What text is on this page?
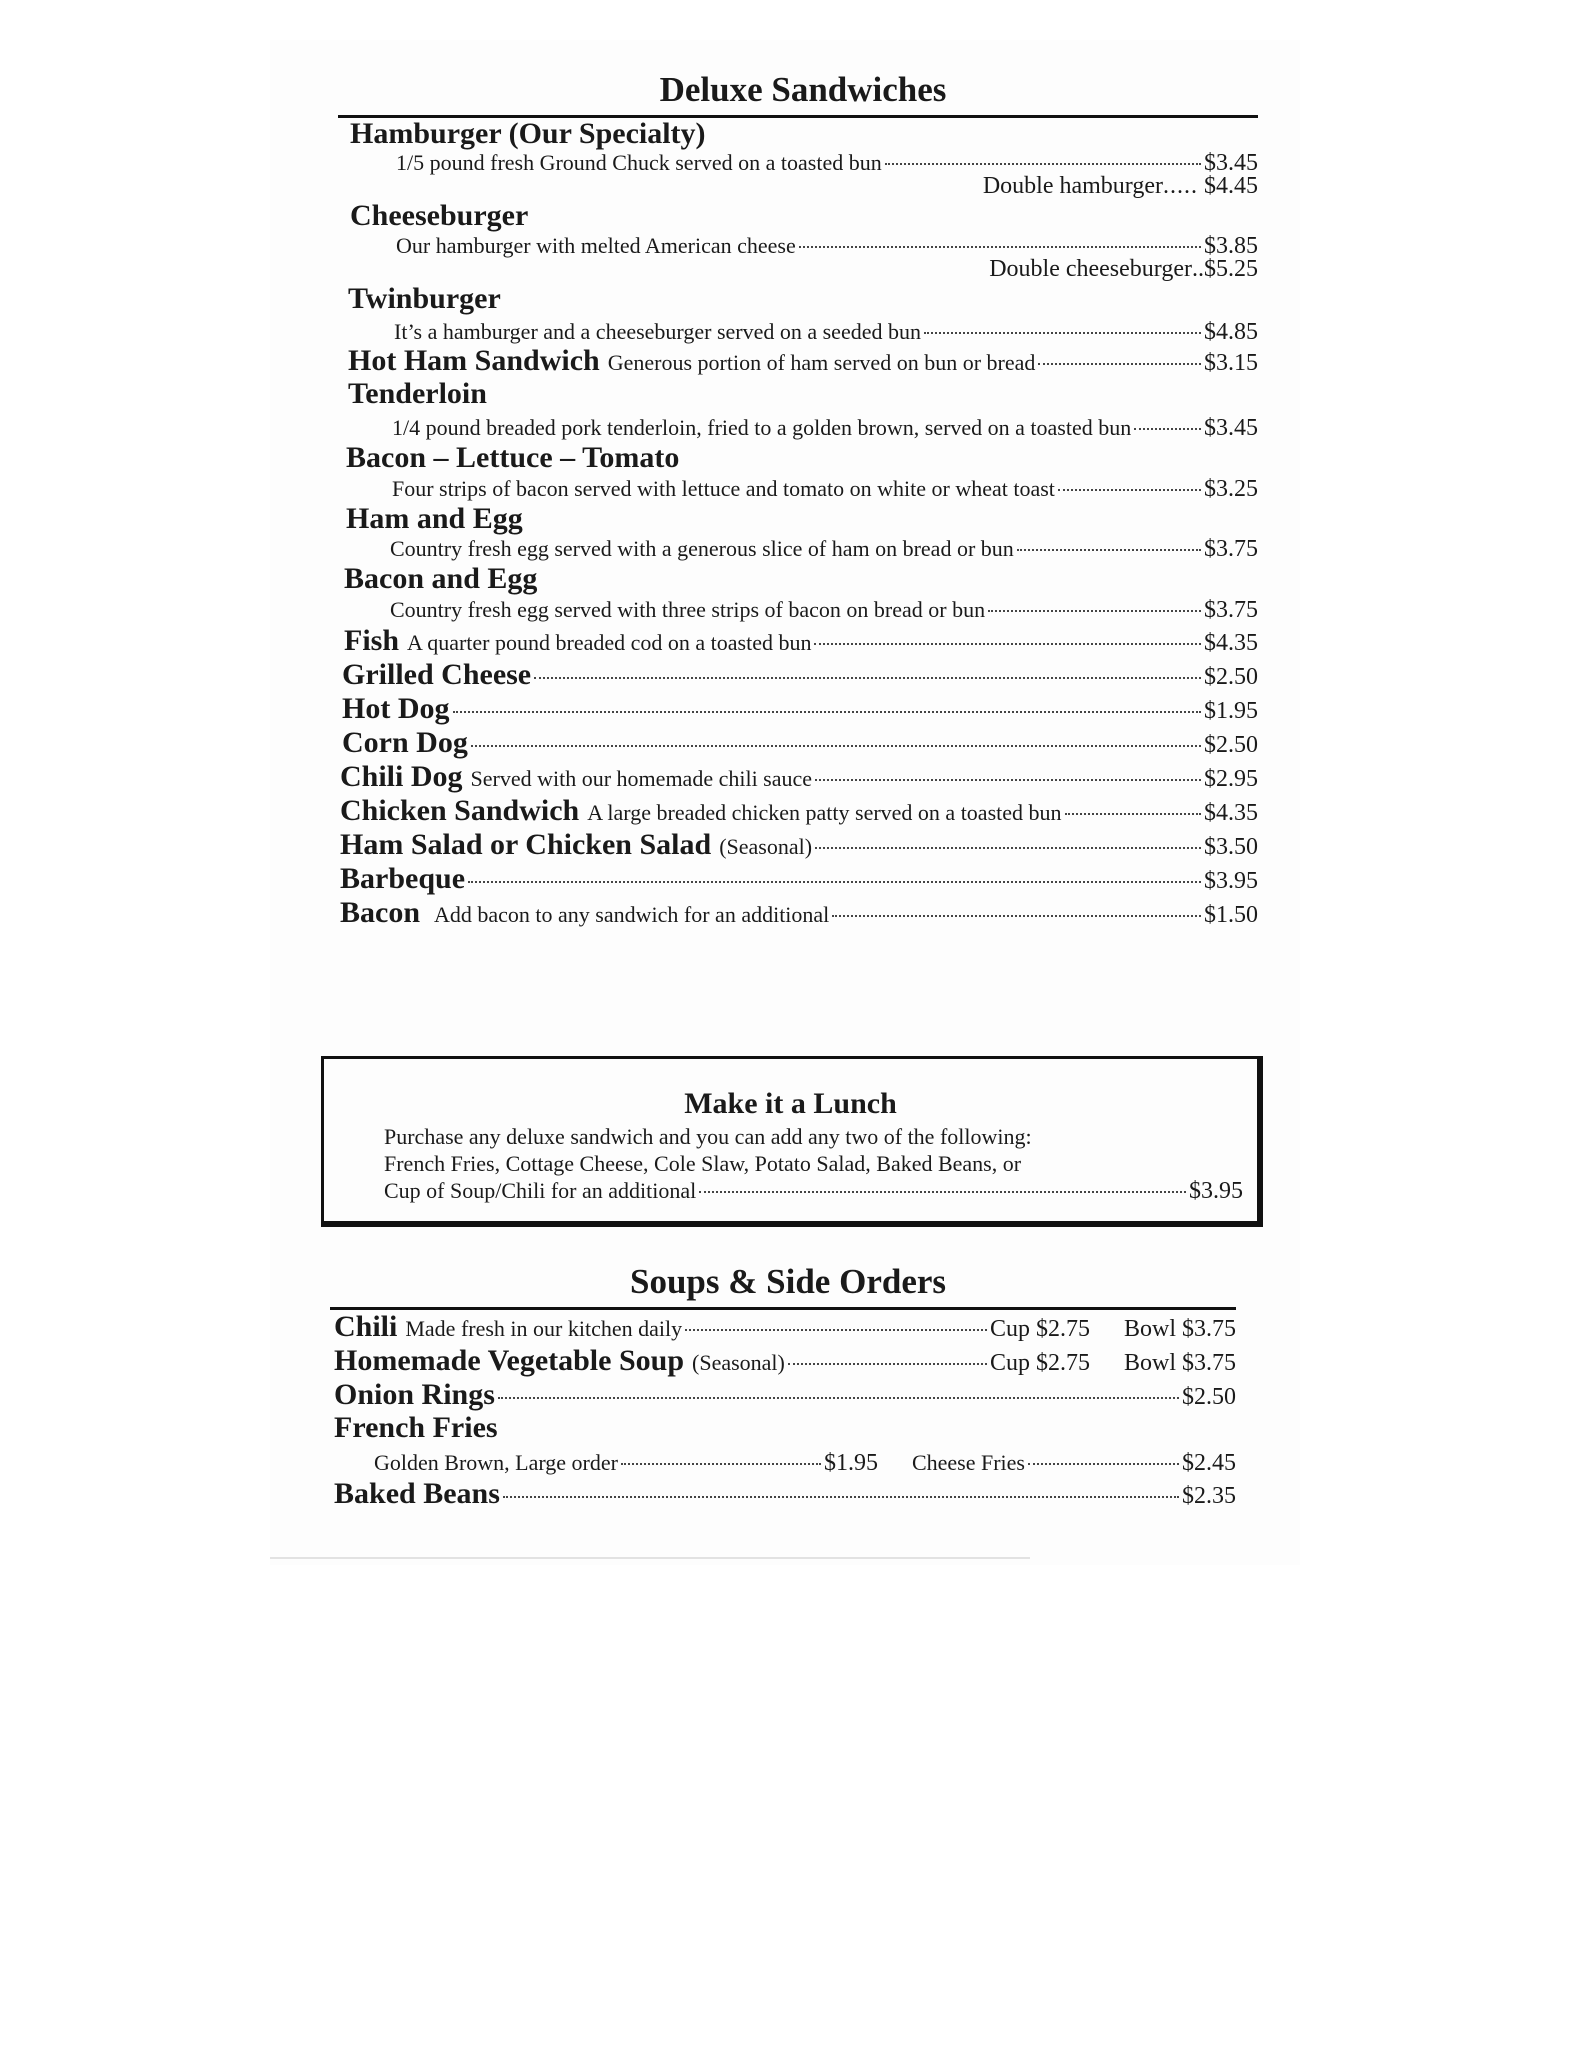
Deluxe Sandwiches
Hamburger (Our Specialty)
1/5 pound fresh Ground Chuck served on a toasted bun	$3.45
Double hamburger ..... $4.45
Cheeseburger
Our hamburger with melted American cheese	$3.85
Double cheeseburger .. $5.25
Twinburger
It’s a hamburger and a cheeseburger served on a seeded bun	$4.85
Hot Ham Sandwich Generous portion of ham served on bun or bread	$3.15
Tenderloin
1/4 pound breaded pork tenderloin, fried to a golden brown, served on a toasted bun	$3.45
Bacon – Lettuce – Tomato
Four strips of bacon served with lettuce and tomato on white or wheat toast	$3.25
Ham and Egg
Country fresh egg served with a generous slice of ham on bread or bun	$3.75
Bacon and Egg
Country fresh egg served with three strips of bacon on bread or bun	$3.75
Fish A quarter pound breaded cod on a toasted bun	$4.35
Grilled Cheese	$2.50
Hot Dog	$1.95
Corn Dog	$2.50
Chili Dog Served with our homemade chili sauce	$2.95
Chicken Sandwich A large breaded chicken patty served on a toasted bun	$4.35
Ham Salad or Chicken Salad (Seasonal)	$3.50
Barbeque	$3.95
Bacon Add bacon to any sandwich for an additional	$1.50
Make it a Lunch
Purchase any deluxe sandwich and you can add any two of the following:
French Fries, Cottage Cheese, Cole Slaw, Potato Salad, Baked Beans, or
Cup of Soup/Chili for an additional	$3.95
Soups & Side Orders
Chili Made fresh in our kitchen daily	Cup $2.75 Bowl $3.75
Homemade Vegetable Soup (Seasonal)	Cup $2.75 Bowl $3.75
Onion Rings	$2.50
French Fries
Golden Brown, Large order	$1.95 Cheese Fries	$2.45
Baked Beans	$2.35
